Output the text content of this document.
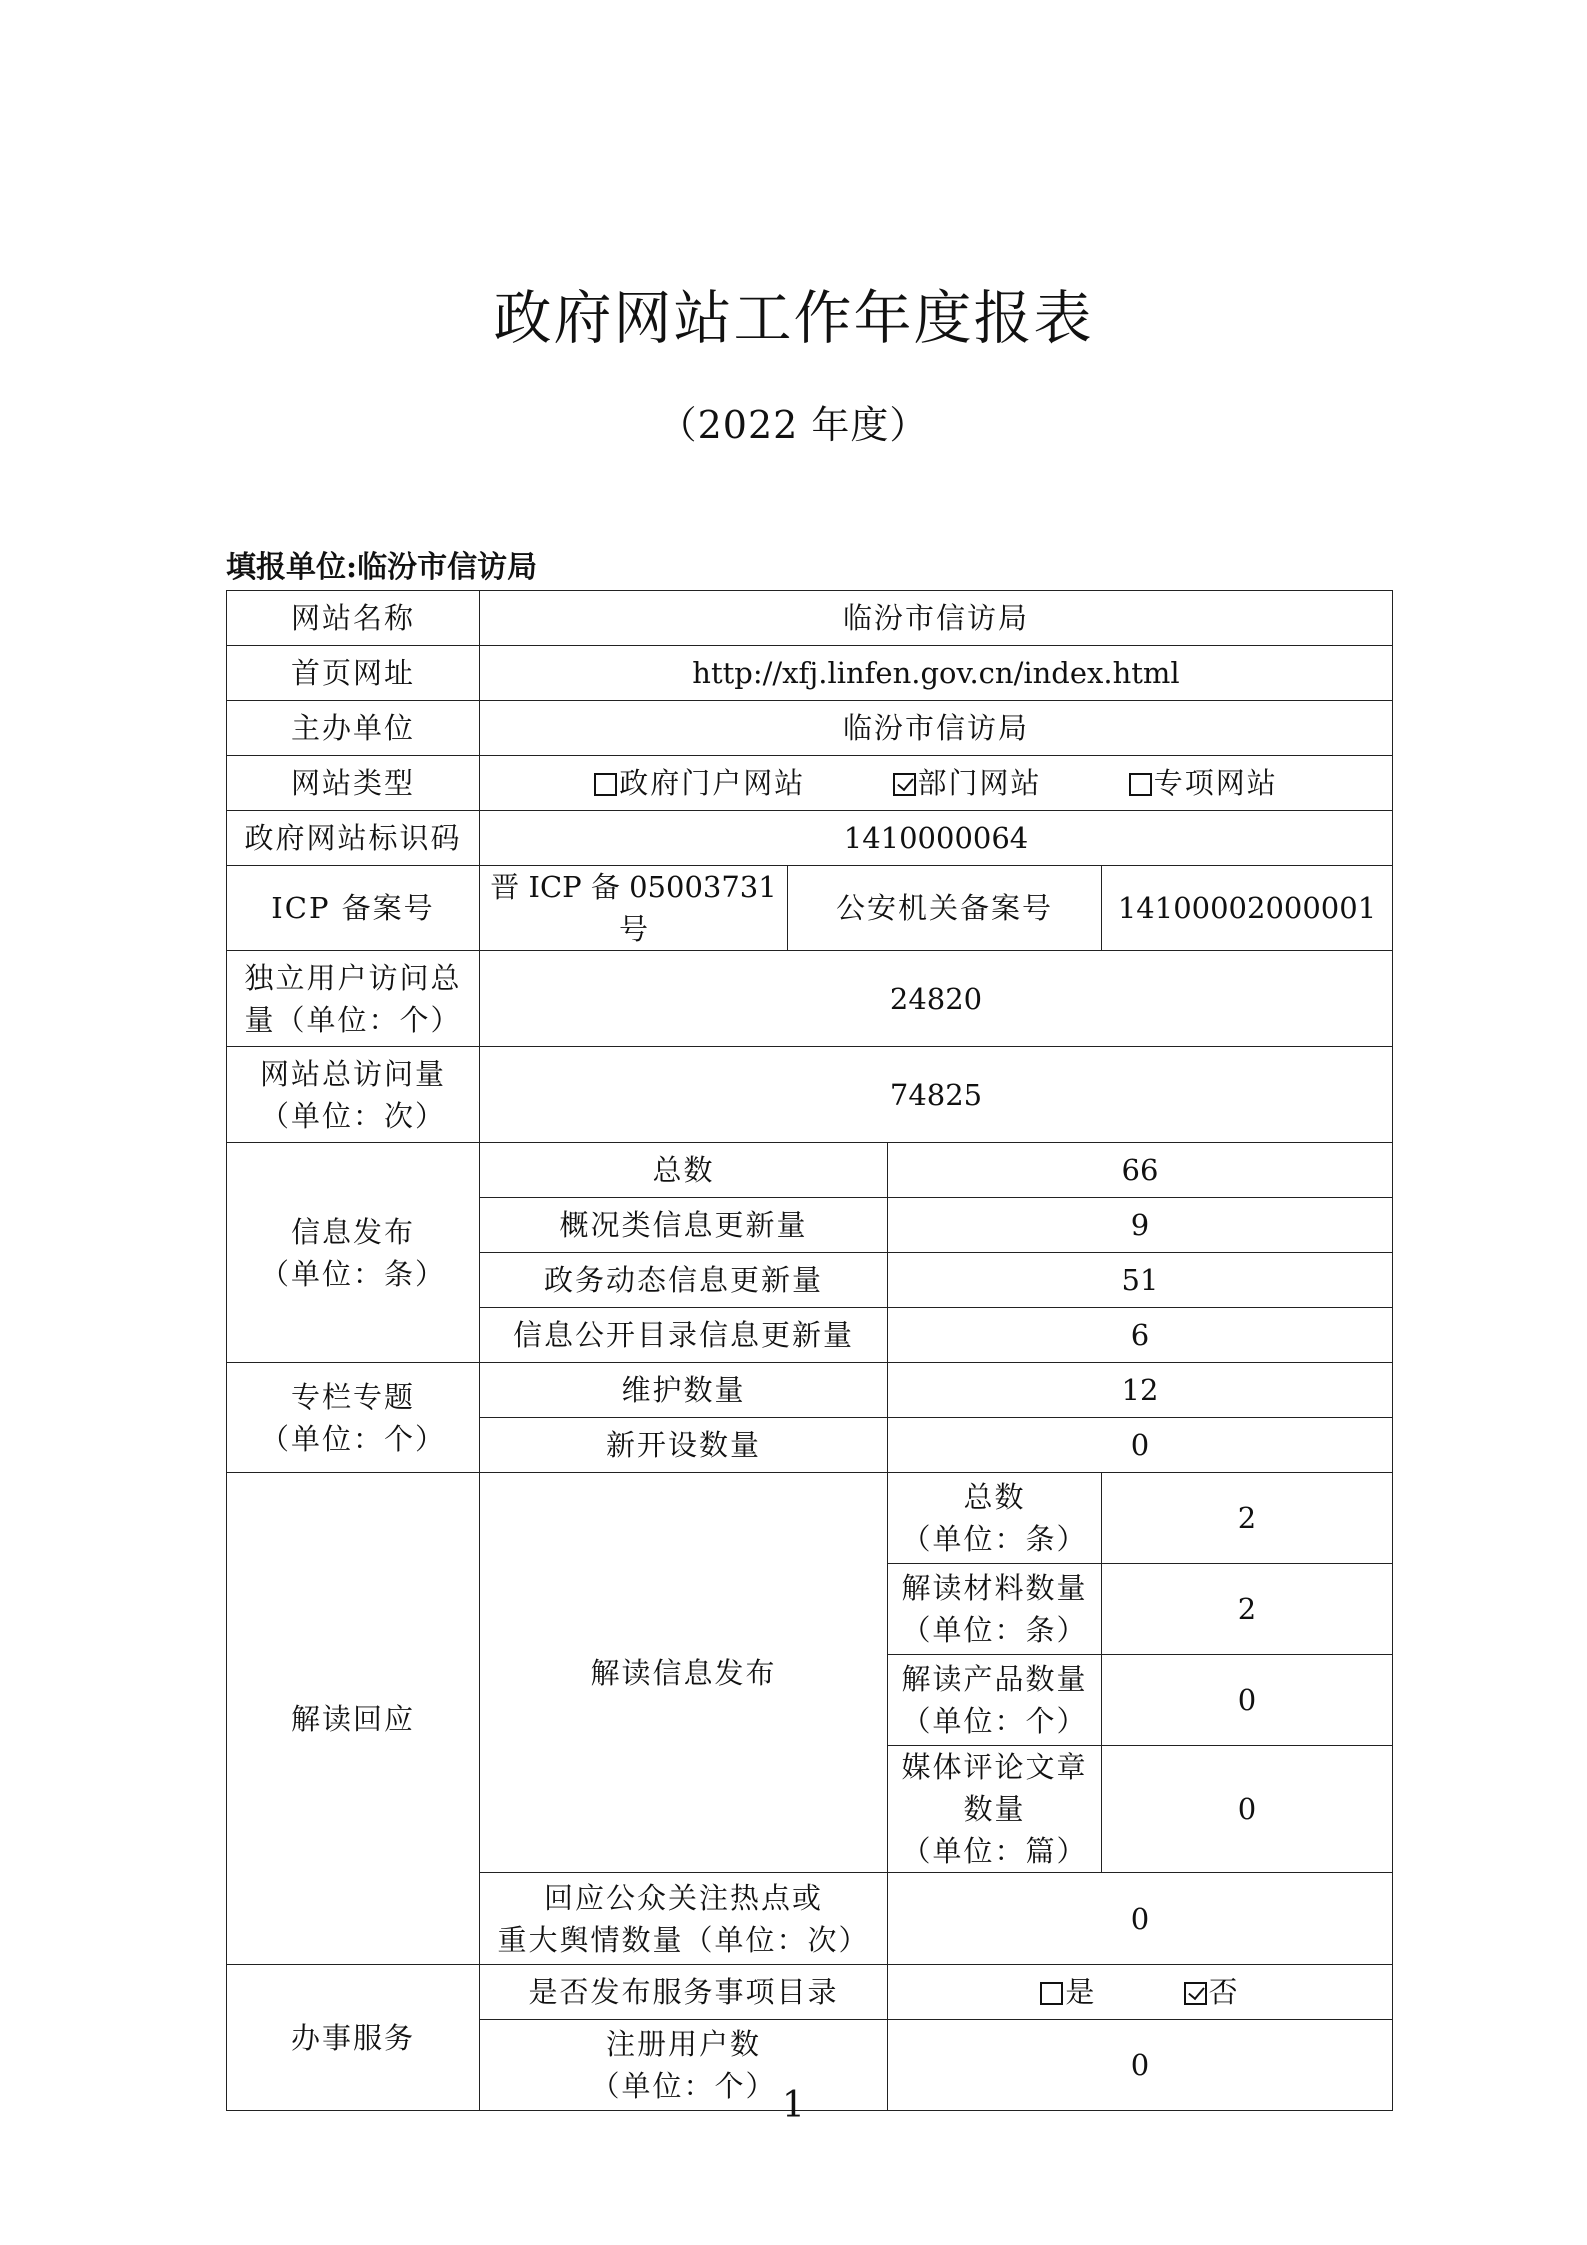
政府网站工作年度报表
（2022 年度）
填报单位:临汾市信访局
网站名称	临汾市信访局			
首页网址	http://xfj.linfen.gov.cn/index.html			
主办单位	临汾市信访局			
网站类型	政府门户网站 部门网站 专项网站			
政府网站标识码	1410000064			
ICP 备案号	晋 ICP 备 05003731 号	公安机关备案号		14100002000001

独立用户访问总
量（单位：个）	24820			

网站总访问量
（单位：次）	74825			

信息发布
（单位：条）	总数		66	
	概况类信息更新量		9	
	政务动态信息更新量		51	
	信息公开目录信息更新量		6	

专栏专题
（单位：个）	维护数量		12	
	新开设数量		0	
解读回应	解读信息发布		总数
（单位：条）	2

			解读材料数量
（单位：条）	2

			解读产品数量
（单位：个）	0

			媒体评论文章数量
（单位：篇）	0

	回应公众关注热点或
重大舆情数量（单位：次）		0	
办事服务	是否发布服务事项目录		是 否	

	注册用户数
（单位：个）		0	
1
